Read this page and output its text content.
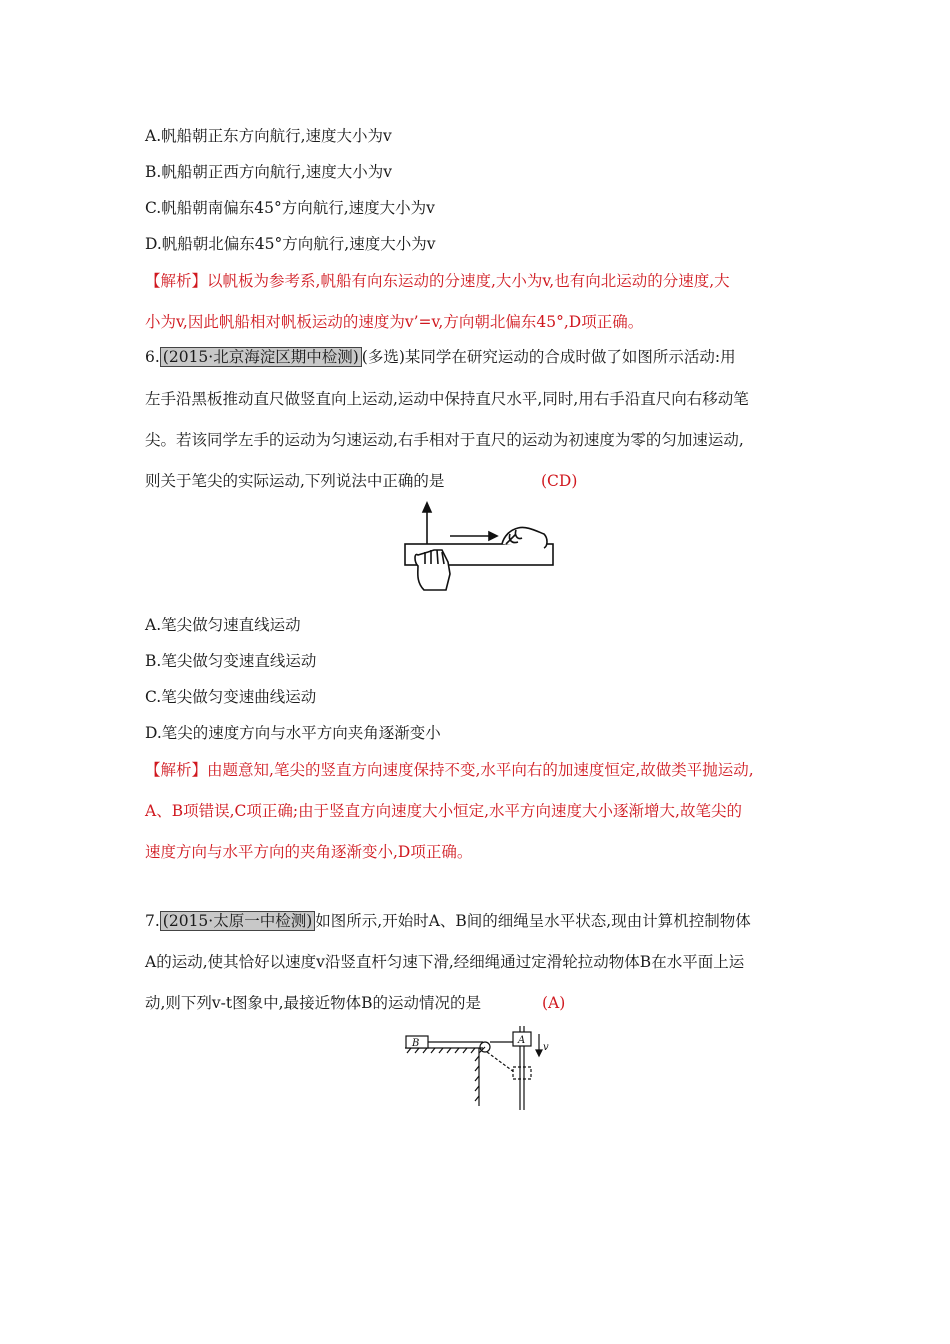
A.帆船朝正东方向航行,速度大小为v
B.帆船朝正西方向航行,速度大小为v
C.帆船朝南偏东45°方向航行,速度大小为v
D.帆船朝北偏东45°方向航行,速度大小为v
【解析】以帆板为参考系,帆船有向东运动的分速度,大小为v,也有向北运动的分速度,大
小为v,因此帆船相对帆板运动的速度为v’=v,方向朝北偏东45°,D项正确。
6. (2015·北京海淀区期中检测) (多选)某同学在研究运动的合成时做了如图所示活动:用
左手沿黑板推动直尺做竖直向上运动,运动中保持直尺水平,同时,用右手沿直尺向右移动笔
尖。若该同学左手的运动为匀速运动,右手相对于直尺的运动为初速度为零的匀加速运动,
则关于笔尖的实际运动,下列说法中正确的是	(CD)
A.笔尖做匀速直线运动
B.笔尖做匀变速直线运动
C.笔尖做匀变速曲线运动
D.笔尖的速度方向与水平方向夹角逐渐变小
【解析】由题意知,笔尖的竖直方向速度保持不变,水平向右的加速度恒定,故做类平抛运动,
A、B项错误,C项正确;由于竖直方向速度大小恒定,水平方向速度大小逐渐增大,故笔尖的
速度方向与水平方向的夹角逐渐变小,D项正确。
7. (2015·太原一中检测) 如图所示,开始时A、B间的细绳呈水平状态,现由计算机控制物体
A的运动,使其恰好以速度v沿竖直杆匀速下滑,经细绳通过定滑轮拉动物体B在水平面上运
动,则下列v-t图象中,最接近物体B的运动情况的是	(A)
B	A
v
